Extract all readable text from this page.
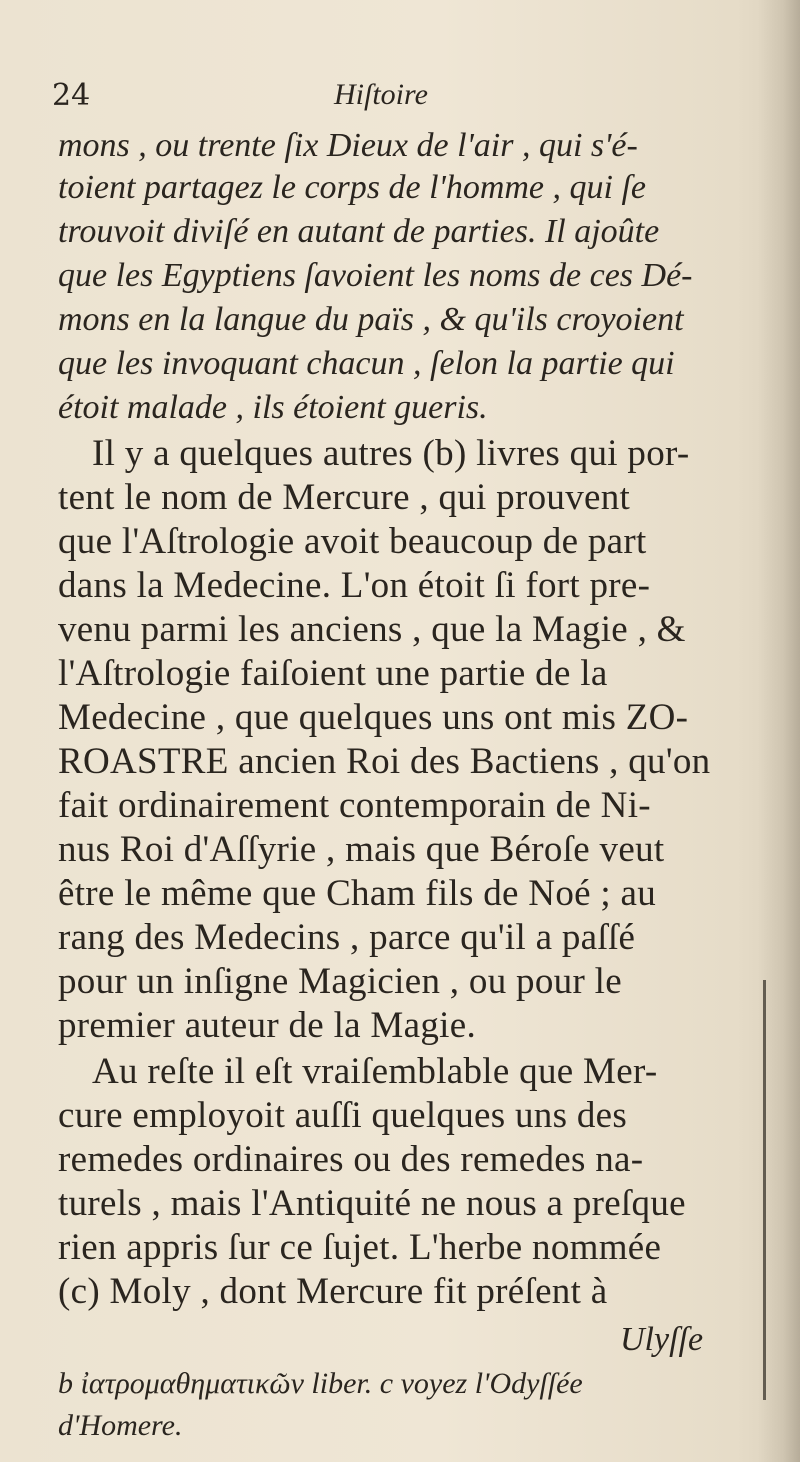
24	Hiſtoire
mons , ou trente ſix Dieux de l'air , qui s'é-
toient partagez le corps de l'homme , qui ſe
trouvoit diviſé en autant de parties. Il ajoûte
que les Egyptiens ſavoient les noms de ces Dé-
mons en la langue du païs , & qu'ils croyoient
que les invoquant chacun , ſelon la partie qui
étoit malade , ils étoient gueris.
Il y a quelques autres (b) livres qui por-
tent le nom de Mercure , qui prouvent
que l'Aſtrologie avoit beaucoup de part
dans la Medecine. L'on étoit ſi fort pre-
venu parmi les anciens , que la Magie , &
l'Aſtrologie faiſoient une partie de la
Medecine , que quelques uns ont mis ZO-
ROASTRE ancien Roi des Bactiens , qu'on
fait ordinairement contemporain de Ni-
nus Roi d'Aſſyrie , mais que Béroſe veut
être le même que Cham fils de Noé ; au
rang des Medecins , parce qu'il a paſſé
pour un inſigne Magicien , ou pour le
premier auteur de la Magie.
Au reſte il eſt vraiſemblable que Mer-
cure employoit auſſi quelques uns des
remedes ordinaires ou des remedes na-
turels , mais l'Antiquité ne nous a preſque
rien appris ſur ce ſujet. L'herbe nommée
(c) Moly , dont Mercure fit préſent à
Ulyſſe
b ἰατρομαθηματικῶν liber. c voyez l'Odyſſée
d'Homere.
